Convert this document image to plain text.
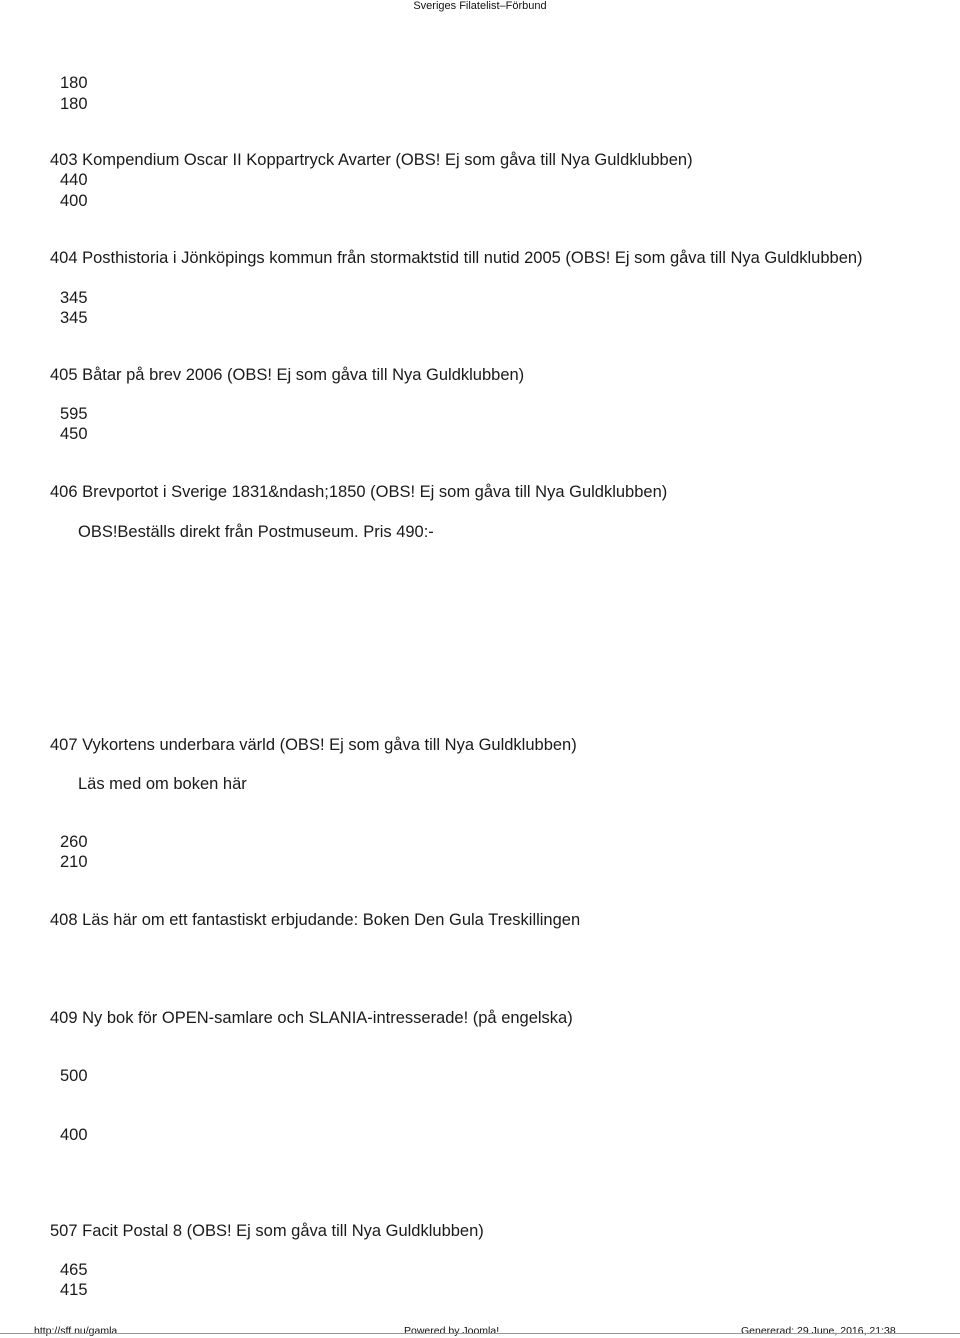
Sveriges Filatelist–Förbund
180
180
403 Kompendium Oscar II Koppartryck Avarter (OBS! Ej som gåva till Nya Guldklubben)
440
400
404 Posthistoria i Jönköpings kommun från stormaktstid till nutid 2005 (OBS! Ej som gåva till Nya Guldklubben)
345
345
405 Båtar på brev 2006 (OBS! Ej som gåva till Nya Guldklubben)
595
450
406 Brevportot i Sverige 1831&ndash;1850 (OBS! Ej som gåva till Nya Guldklubben)
OBS!Beställs direkt från Postmuseum. Pris 490:-
407 Vykortens underbara värld (OBS! Ej som gåva till Nya Guldklubben)
Läs med om boken här
260
210
408 Läs här om ett fantastiskt erbjudande: Boken Den Gula Treskillingen
409 Ny bok för OPEN-samlare och SLANIA-intresserade! (på engelska)
500
400
507 Facit Postal 8 (OBS! Ej som gåva till Nya Guldklubben)
465
415
http://sff.nu/gamla	Powered by Joomla!	Genererad: 29 June, 2016, 21:38
